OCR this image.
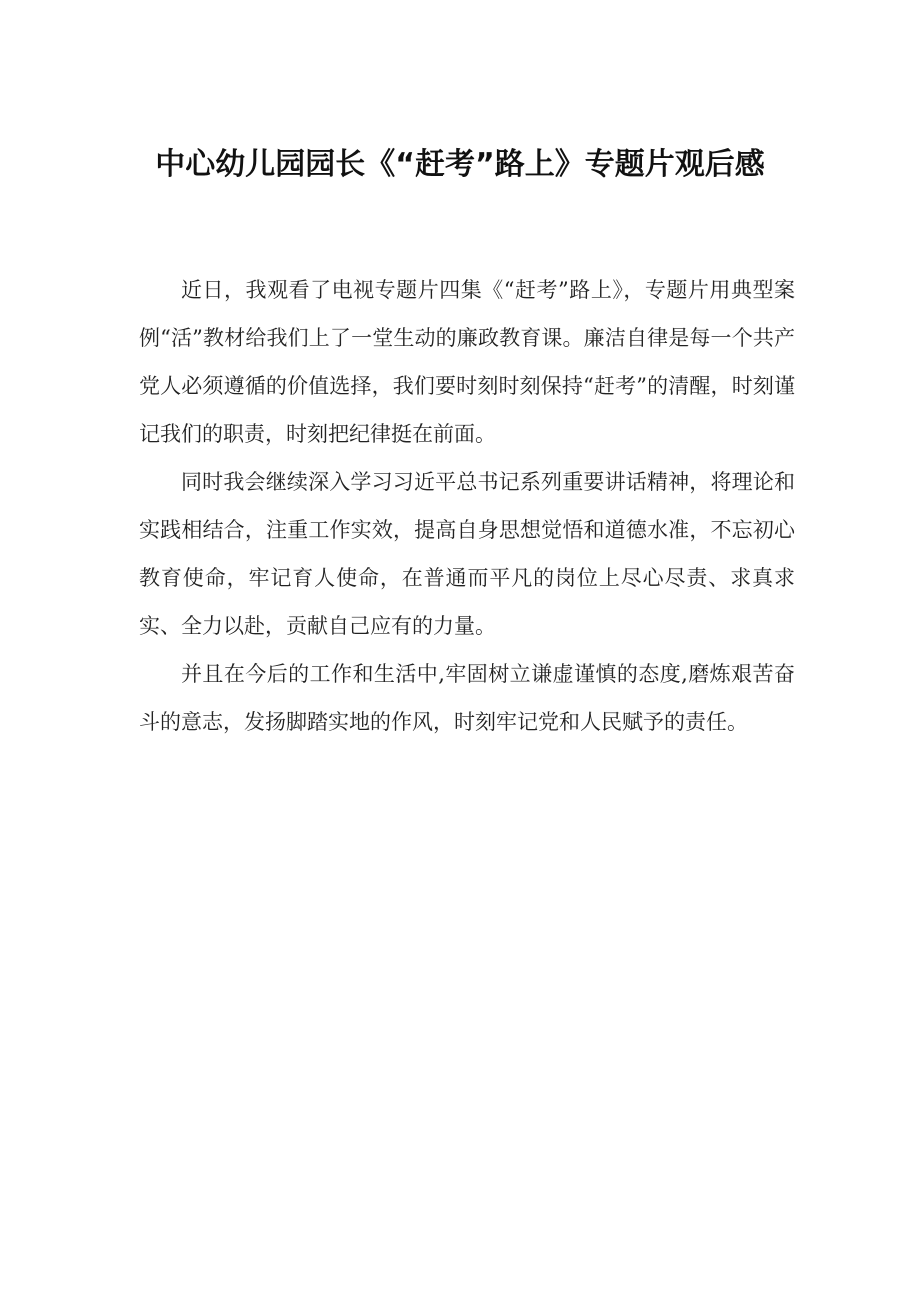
中心幼儿园园长《“赶考”路上》专题片观后感

近日，我观看了电视专题片四集《“赶考”路上》，专题片用典型案例“活”教材给我们上了一堂生动的廉政教育课。廉洁自律是每一个共产党人必须遵循的价值选择，我们要时刻时刻保持“赶考”的清醒，时刻谨记我们的职责，时刻把纪律挺在前面。

同时我会继续深入学习习近平总书记系列重要讲话精神，将理论和实践相结合，注重工作实效，提高自身思想觉悟和道德水准，不忘初心教育使命，牢记育人使命，在普通而平凡的岗位上尽心尽责、求真求实、全力以赴，贡献自己应有的力量。

并且在今后的工作和生活中,牢固树立谦虚谨慎的态度,磨炼艰苦奋斗的意志，发扬脚踏实地的作风，时刻牢记党和人民赋予的责任。
